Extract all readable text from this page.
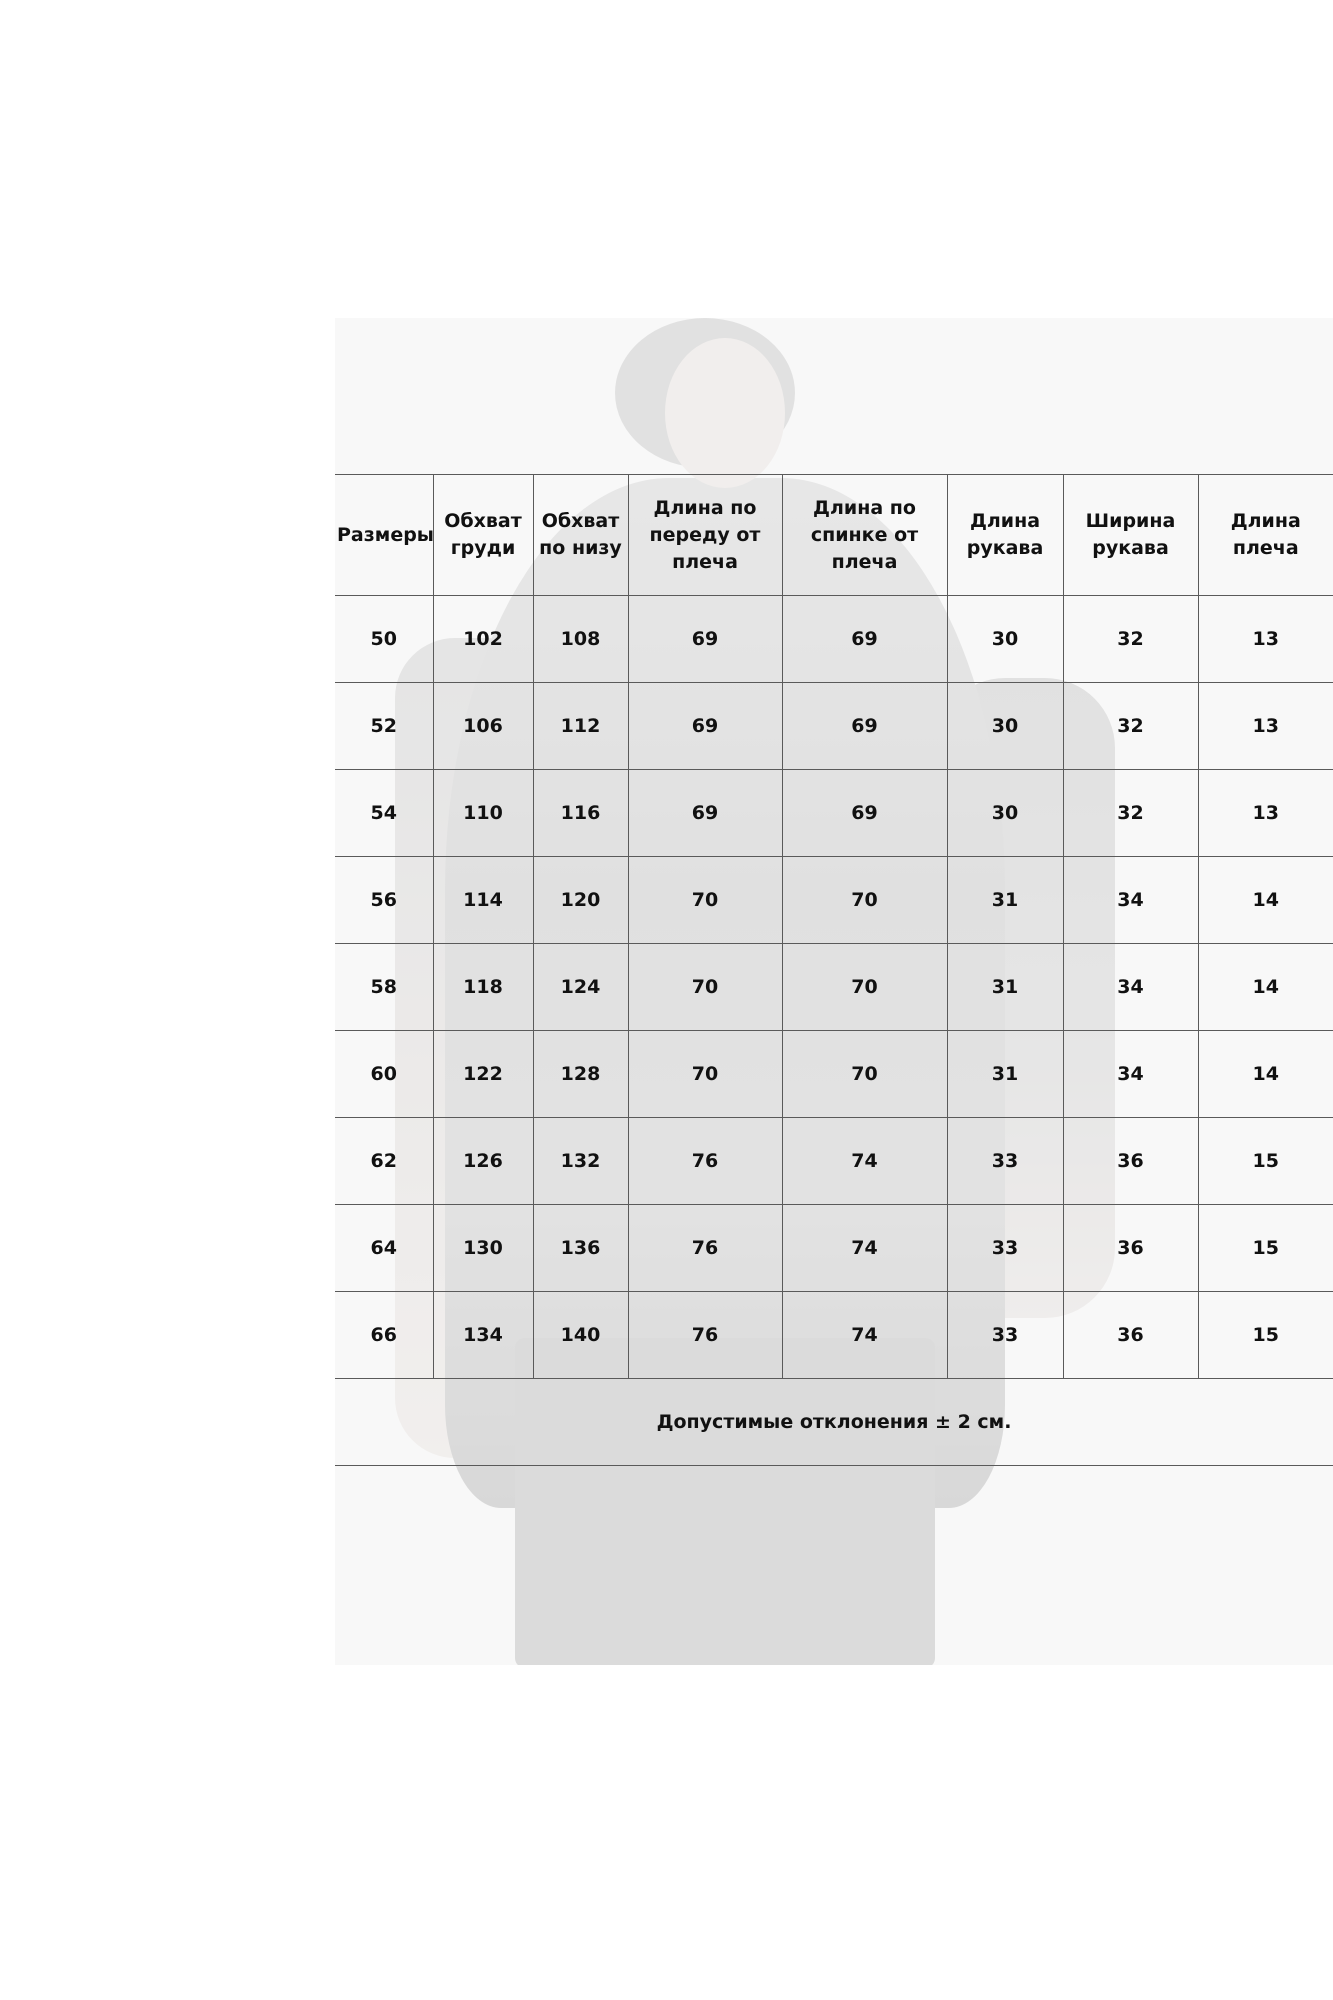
Размеры	Обхват груди	Обхват по низу	Длина по переду от плеча	Длина по спинке от плеча	Длина рукава	Ширина рукава	Длина плеча
50	102	108	69	69	30	32	13
52	106	112	69	69	30	32	13
54	110	116	69	69	30	32	13
56	114	120	70	70	31	34	14
58	118	124	70	70	31	34	14
60	122	128	70	70	31	34	14
62	126	132	76	74	33	36	15
64	130	136	76	74	33	36	15
66	134	140	76	74	33	36	15
Допустимые отклонения ± 2 см.							
